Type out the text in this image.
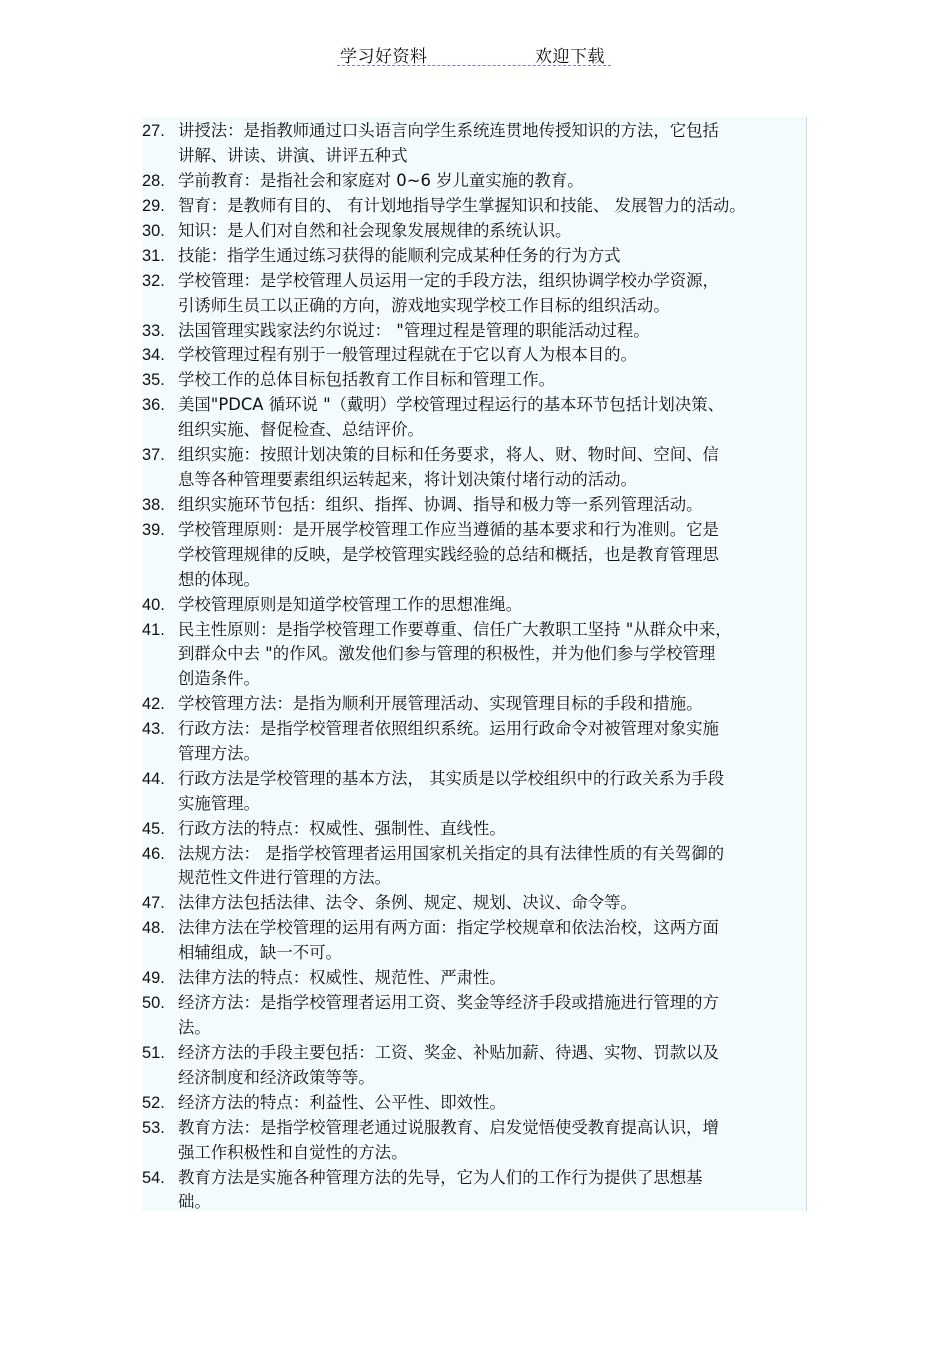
学习好资料	欢迎下载
27. 讲授法：是指教师通过口头语言向学生系统连贯地传授知识的方法，它包括
讲解、讲读、讲演、讲评五种式
28. 学前教育：是指社会和家庭对 0~6 岁儿童实施的教育。
29. 智育：是教师有目的、 有计划地指导学生掌握知识和技能、 发展智力的活动。
30. 知识：是人们对自然和社会现象发展规律的系统认识。
31. 技能：指学生通过练习获得的能顺利完成某种任务的行为方式
32. 学校管理：是学校管理人员运用一定的手段方法，组织协调学校办学资源，
引诱师生员工以正确的方向，游戏地实现学校工作目标的组织活动。
33. 法国管理实践家法约尔说过： "管理过程是管理的职能活动过程。
34. 学校管理过程有别于一般管理过程就在于它以育人为根本目的。
35. 学校工作的总体目标包括教育工作目标和管理工作。
36. 美国"PDCA 循环说 "（戴明）学校管理过程运行的基本环节包括计划决策、
组织实施、督促检查、总结评价。
37. 组织实施：按照计划决策的目标和任务要求，将人、财、物时间、空间、信
息等各种管理要素组织运转起来，将计划决策付堵行动的活动。
38. 组织实施环节包括：组织、指挥、协调、指导和极力等一系列管理活动。
39. 学校管理原则：是开展学校管理工作应当遵循的基本要求和行为准则。它是
学校管理规律的反映，是学校管理实践经验的总结和概括，也是教育管理思
想的体现。
40. 学校管理原则是知道学校管理工作的思想准绳。
41. 民主性原则：是指学校管理工作要尊重、信任广大教职工坚持 "从群众中来，
到群众中去 "的作风。激发他们参与管理的积极性，并为他们参与学校管理
创造条件。
42. 学校管理方法：是指为顺利开展管理活动、实现管理目标的手段和措施。
43. 行政方法：是指学校管理者依照组织系统。运用行政命令对被管理对象实施
管理方法。
44. 行政方法是学校管理的基本方法， 其实质是以学校组织中的行政关系为手段
实施管理。
45. 行政方法的特点：权威性、强制性、直线性。
46. 法规方法： 是指学校管理者运用国家机关指定的具有法律性质的有关驾御的
规范性文件进行管理的方法。
47. 法律方法包括法律、法令、条例、规定、规划、决议、命令等。
48. 法律方法在学校管理的运用有两方面：指定学校规章和依法治校，这两方面
相辅组成，缺一不可。
49. 法律方法的特点：权威性、规范性、严肃性。
50. 经济方法：是指学校管理者运用工资、奖金等经济手段或措施进行管理的方
法。
51. 经济方法的手段主要包括：工资、奖金、补贴加薪、待遇、实物、罚款以及
经济制度和经济政策等等。
52. 经济方法的特点：利益性、公平性、即效性。
53. 教育方法：是指学校管理老通过说服教育、启发觉悟使受教育提高认识，增
强工作积极性和自觉性的方法。
54. 教育方法是实施各种管理方法的先导，它为人们的工作行为提供了思想基
础。
